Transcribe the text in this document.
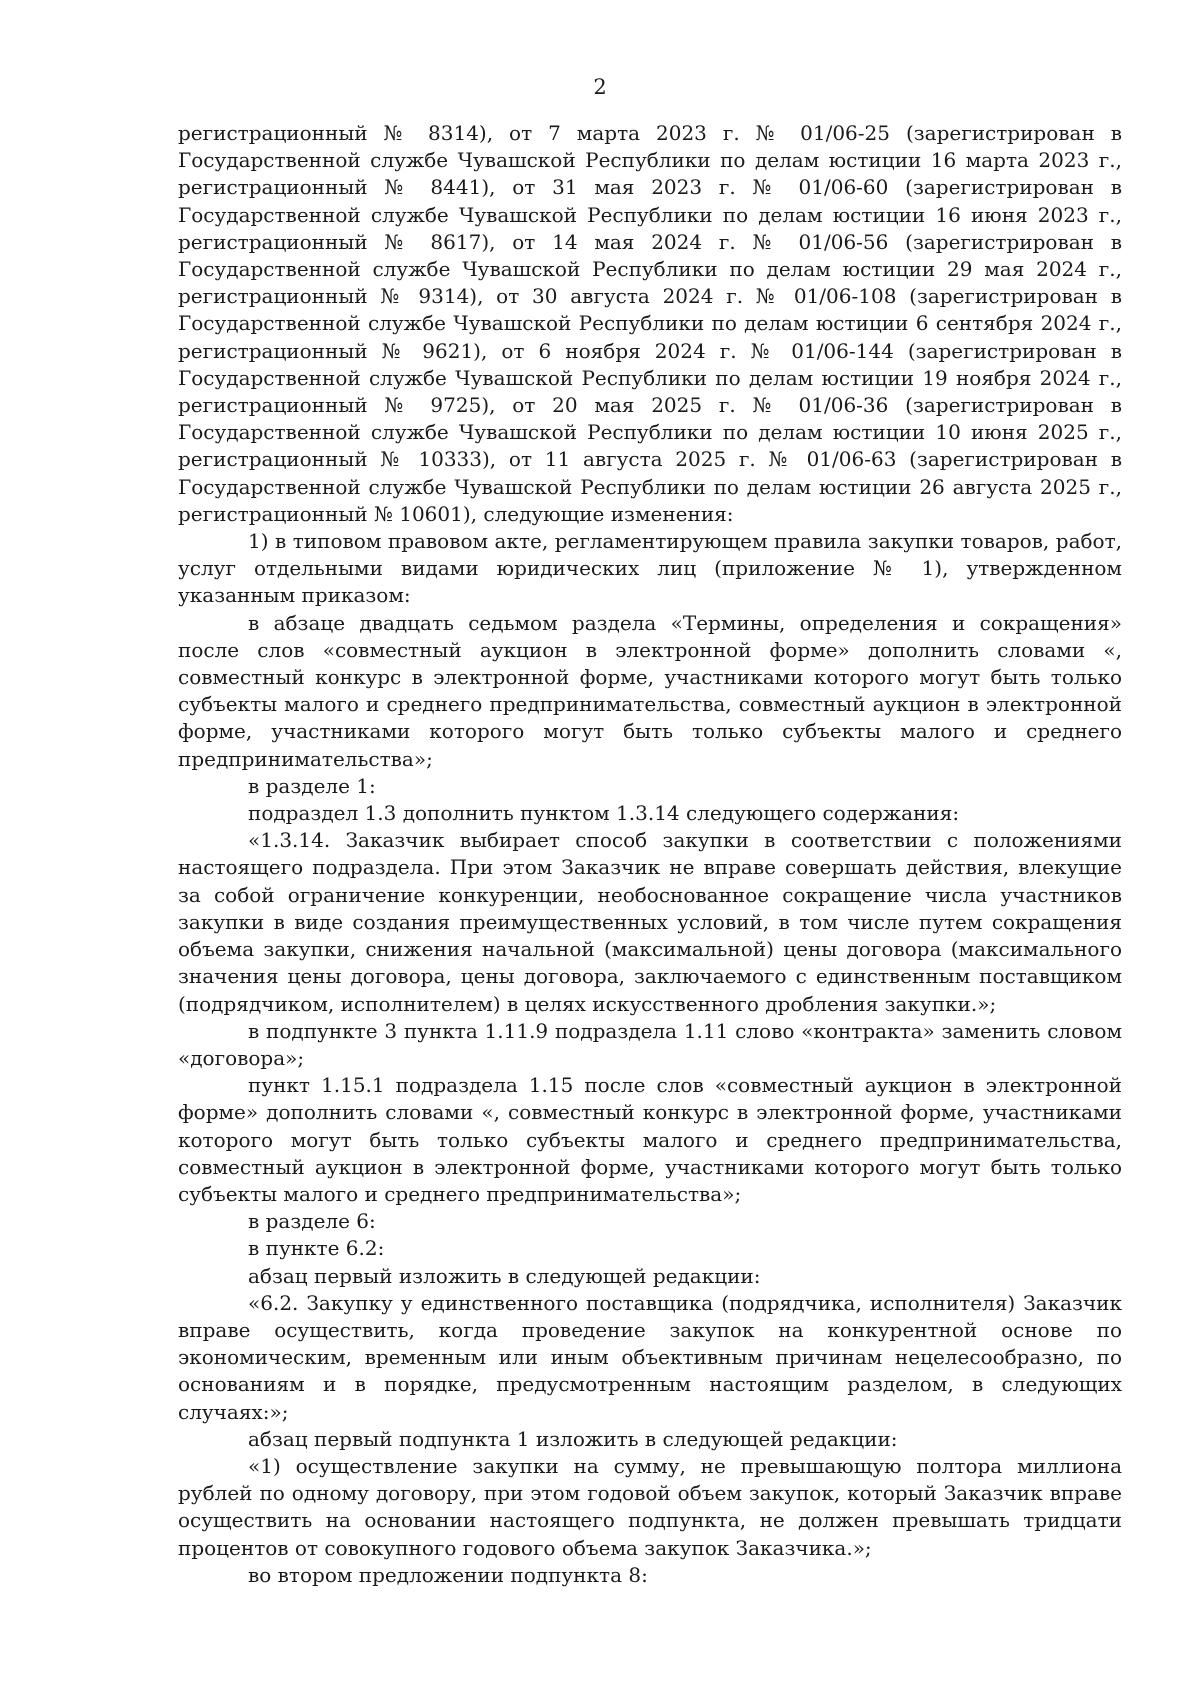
2

регистрационный № 8314), от 7 марта 2023 г. № 01/06-25 (зарегистрирован в Государственной службе Чувашской Республики по делам юстиции 16 марта 2023 г., регистрационный № 8441), от 31 мая 2023 г. № 01/06-60 (зарегистрирован в Государственной службе Чувашской Республики по делам юстиции 16 июня 2023 г., регистрационный № 8617), от 14 мая 2024 г. № 01/06-56 (зарегистрирован в Государственной службе Чувашской Республики по делам юстиции 29 мая 2024 г., регистрационный № 9314), от 30 августа 2024 г. № 01/06-108 (зарегистрирован в Государственной службе Чувашской Республики по делам юстиции 6 сентября 2024 г., регистрационный № 9621), от 6 ноября 2024 г. № 01/06-144 (зарегистрирован в Государственной службе Чувашской Республики по делам юстиции 19 ноября 2024 г., регистрационный № 9725), от 20 мая 2025 г. № 01/06-36 (зарегистрирован в Государственной службе Чувашской Республики по делам юстиции 10 июня 2025 г., регистрационный № 10333), от 11 августа 2025 г. № 01/06-63 (зарегистрирован в Государственной службе Чувашской Республики по делам юстиции 26 августа 2025 г., регистрационный № 10601), следующие изменения:

1) в типовом правовом акте, регламентирующем правила закупки товаров, работ, услуг отдельными видами юридических лиц (приложение № 1), утвержденном указанным приказом:

в абзаце двадцать седьмом раздела «Термины, определения и сокращения» после слов «совместный аукцион в электронной форме» дополнить словами «, совместный конкурс в электронной форме, участниками которого могут быть только субъекты малого и среднего предпринимательства, совместный аукцион в электронной форме, участниками которого могут быть только субъекты малого и среднего предпринимательства»;

в разделе 1:

подраздел 1.3 дополнить пунктом 1.3.14 следующего содержания:

«1.3.14. Заказчик выбирает способ закупки в соответствии с положениями настоящего подраздела. При этом Заказчик не вправе совершать действия, влекущие за собой ограничение конкуренции, необоснованное сокращение числа участников закупки в виде создания преимущественных условий, в том числе путем сокращения объема закупки, снижения начальной (максимальной) цены договора (максимального значения цены договора, цены договора, заключаемого с единственным поставщиком (подрядчиком, исполнителем) в целях искусственного дробления закупки.»;

в подпункте 3 пункта 1.11.9 подраздела 1.11 слово «контракта» заменить словом «договора»;

пункт 1.15.1 подраздела 1.15 после слов «совместный аукцион в электронной форме» дополнить словами «, совместный конкурс в электронной форме, участниками которого могут быть только субъекты малого и среднего предпринимательства, совместный аукцион в электронной форме, участниками которого могут быть только субъекты малого и среднего предпринимательства»;

в разделе 6:

в пункте 6.2:

абзац первый изложить в следующей редакции:

«6.2. Закупку у единственного поставщика (подрядчика, исполнителя) Заказчик вправе осуществить, когда проведение закупок на конкурентной основе по экономическим, временным или иным объективным причинам нецелесообразно, по основаниям и в порядке, предусмотренным настоящим разделом, в следующих случаях:»;

абзац первый подпункта 1 изложить в следующей редакции:

«1) осуществление закупки на сумму, не превышающую полтора миллиона рублей по одному договору, при этом годовой объем закупок, который Заказчик вправе осуществить на основании настоящего подпункта, не должен превышать тридцати процентов от совокупного годового объема закупок Заказчика.»;

во втором предложении подпункта 8:
